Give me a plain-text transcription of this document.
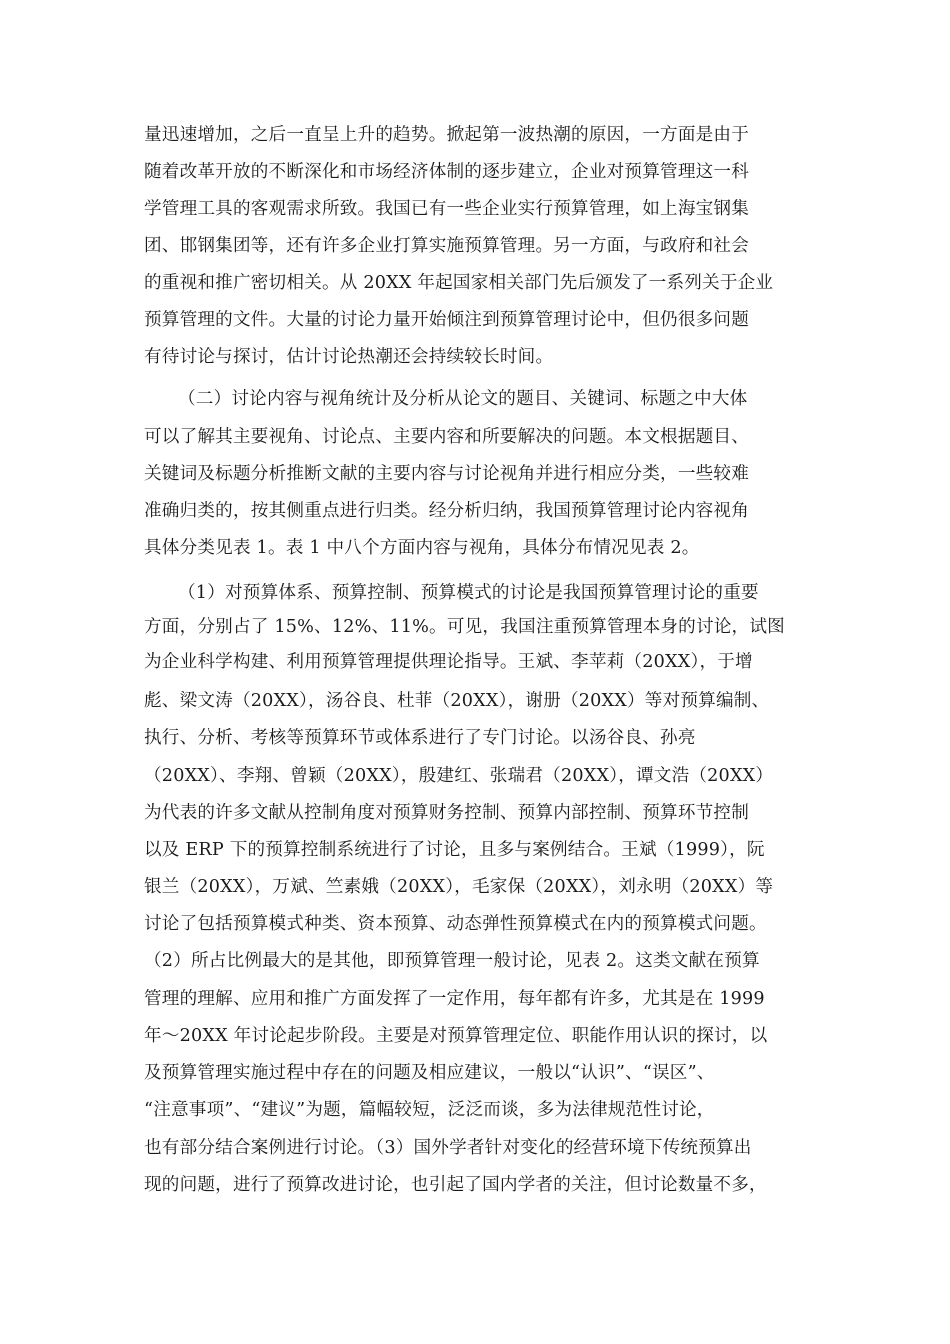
量迅速增加，之后一直呈上升的趋势。掀起第一波热潮的原因，一方面是由于
随着改革开放的不断深化和市场经济体制的逐步建立，企业对预算管理这一科
学管理工具的客观需求所致。我国已有一些企业实行预算管理，如上海宝钢集
团、邯钢集团等，还有许多企业打算实施预算管理。另一方面，与政府和社会
的重视和推广密切相关。从 20XX 年起国家相关部门先后颁发了一系列关于企业
预算管理的文件。大量的讨论力量开始倾注到预算管理讨论中，但仍很多问题
有待讨论与探讨，估计讨论热潮还会持续较长时间。
（二）讨论内容与视角统计及分析从论文的题目、关键词、标题之中大体
可以了解其主要视角、讨论点、主要内容和所要解决的问题。本文根据题目、
关键词及标题分析推断文献的主要内容与讨论视角并进行相应分类，一些较难
准确归类的，按其侧重点进行归类。经分析归纳，我国预算管理讨论内容视角
具体分类见表 1。表 1 中八个方面内容与视角，具体分布情况见表 2。
（1）对预算体系、预算控制、预算模式的讨论是我国预算管理讨论的重要
方面，分别占了 15%、12%、11%。可见，我国注重预算管理本身的讨论，试图
为企业科学构建、利用预算管理提供理论指导。王斌、李苹莉（20XX），于增
彪、梁文涛（20XX），汤谷良、杜菲（20XX），谢册（20XX）等对预算编制、
执行、分析、考核等预算环节或体系进行了专门讨论。以汤谷良、孙亮
（20XX）、李翔、曾颖（20XX），殷建红、张瑞君（20XX），谭文浩（20XX）
为代表的许多文献从控制角度对预算财务控制、预算内部控制、预算环节控制
以及 ERP 下的预算控制系统进行了讨论，且多与案例结合。王斌（1999），阮
银兰（20XX），万斌、竺素娥（20XX），毛家保（20XX），刘永明（20XX）等
讨论了包括预算模式种类、资本预算、动态弹性预算模式在内的预算模式问题。
（2）所占比例最大的是其他，即预算管理一般讨论，见表 2。这类文献在预算
管理的理解、应用和推广方面发挥了一定作用，每年都有许多，尤其是在 1999
年～20XX 年讨论起步阶段。主要是对预算管理定位、职能作用认识的探讨，以
及预算管理实施过程中存在的问题及相应建议，一般以“认识”、“误区”、
“注意事项”、“建议”为题，篇幅较短，泛泛而谈，多为法律规范性讨论，
也有部分结合案例进行讨论。（3）国外学者针对变化的经营环境下传统预算出
现的问题，进行了预算改进讨论，也引起了国内学者的关注，但讨论数量不多，
